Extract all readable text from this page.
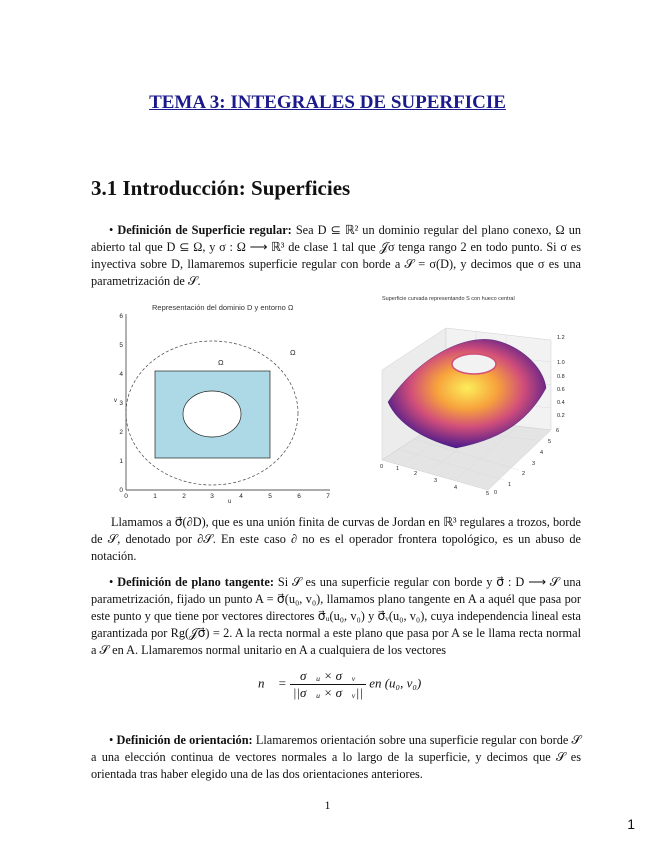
TEMA 3: INTEGRALES DE SUPERFICIE
3.1 Introducción: Superficies

• Definición de Superficie regular: Sea D ⊆ ℝ² un dominio regular del plano conexo, Ω un abierto tal que D ⊆ Ω, y σ : Ω ⟶ ℝ³ de clase 1 tal que 𝒥σ tenga rango 2 en todo punto. Si σ es inyectiva sobre D, llamaremos superficie regular con borde a 𝒮 = σ(D), y decimos que σ es una parametrización de 𝒮.

Representación del dominio D y entorno Ω
Ω
Ω
0	1	2	3	4	5	6	7
0
1
2
3
4
5
6
u
v
Superficie curvada representando S con hueco central
1.2
1.0
0.8
0.6
0.4
0.2
0 1
2
3
4
5 0
1
2
3
4
5
6

Llamamos a σ⃗(∂D), que es una unión finita de curvas de Jordan en ℝ³ regulares a trozos, borde de 𝒮, denotado por ∂𝒮. En este caso ∂ no es el operador frontera topológico, es un abuso de notación.

• Definición de plano tangente: Si 𝒮 es una superficie regular con borde y σ⃗ : D ⟶ 𝒮 una parametrización, fijado un punto A = σ⃗(u₀, v₀), llamamos plano tangente en A a aquél que pasa por este punto y que tiene por vectores directores σ⃗ᵤ(u₀, v₀) y σ⃗ᵥ(u₀, v₀), cuya independencia lineal esta garantizada por Rg(𝒥σ⃗) = 2. A la recta normal a este plano que pasa por A se le llama recta normal a 𝒮 en A. Llamaremos normal unitario en A a cualquiera de los vectores

n⃗ = $\frac{\text{σ⃗ᵤ × σ⃗ᵥ}}{\text{||σ⃗ᵤ × σ⃗ᵥ||}}$ en (u₀, v₀)

• Definición de orientación: Llamaremos orientación sobre una superficie regular con borde 𝒮 a una elección continua de vectores normales a lo largo de la superficie, y decimos que 𝒮 es orientada tras haber elegido una de las dos orientaciones anteriores.

1
1
